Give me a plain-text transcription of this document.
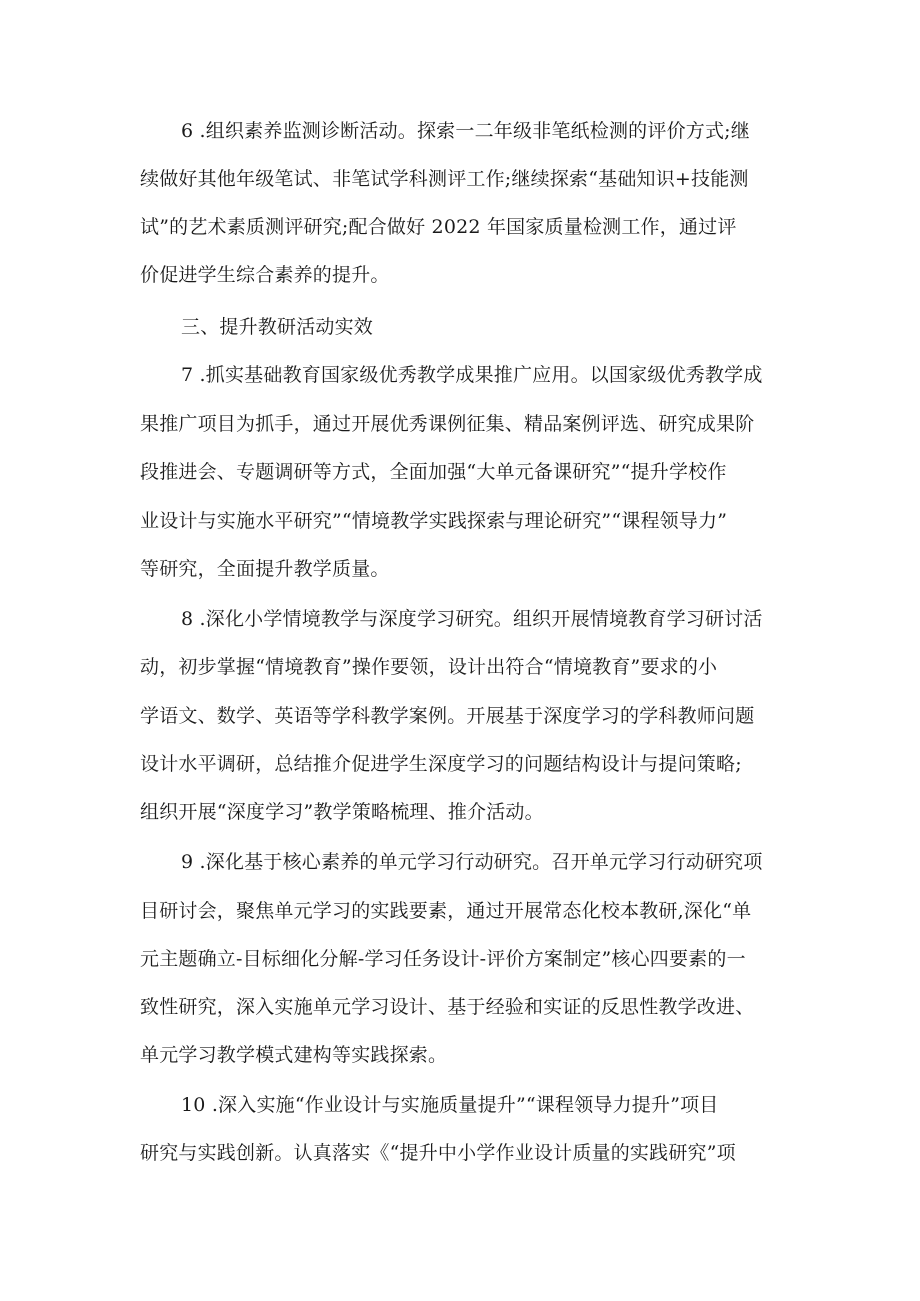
6 .组织素养监测诊断活动。探索一二年级非笔纸检测的评价方式;继
续做好其他年级笔试、非笔试学科测评工作;继续探索“基础知识+技能测
试”的艺术素质测评研究;配合做好 2022 年国家质量检测工作，通过评
价促进学生综合素养的提升。
三、提升教研活动实效
7 .抓实基础教育国家级优秀教学成果推广应用。以国家级优秀教学成
果推广项目为抓手，通过开展优秀课例征集、精品案例评选、研究成果阶
段推进会、专题调研等方式，全面加强“大单元备课研究”“提升学校作
业设计与实施水平研究”“情境教学实践探索与理论研究”“课程领导力”
等研究，全面提升教学质量。
8 .深化小学情境教学与深度学习研究。组织开展情境教育学习研讨活
动，初步掌握“情境教育”操作要领，设计出符合“情境教育”要求的小
学语文、数学、英语等学科教学案例。开展基于深度学习的学科教师问题
设计水平调研，总结推介促进学生深度学习的问题结构设计与提问策略;
组织开展“深度学习”教学策略梳理、推介活动。
9 .深化基于核心素养的单元学习行动研究。召开单元学习行动研究项
目研讨会，聚焦单元学习的实践要素，通过开展常态化校本教研,深化“单
元主题确立-目标细化分解-学习任务设计-评价方案制定”核心四要素的一
致性研究，深入实施单元学习设计、基于经验和实证的反思性教学改进、
单元学习教学模式建构等实践探索。
10 .深入实施“作业设计与实施质量提升”“课程领导力提升”项目
研究与实践创新。认真落实《“提升中小学作业设计质量的实践研究”项
